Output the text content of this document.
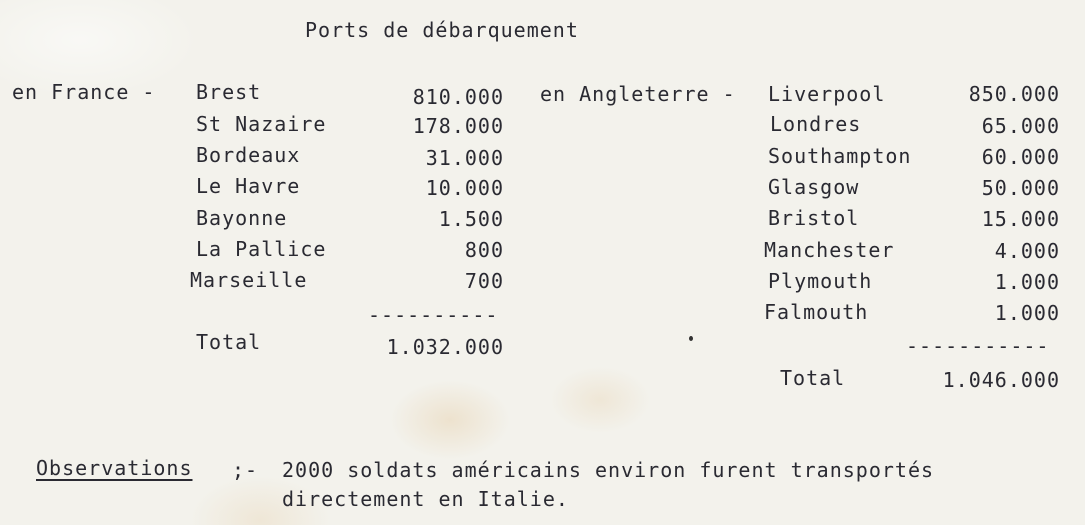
Ports de débarquement
en France - Brest	810.000
St Nazaire	178.000
Bordeaux	31.000
Le Havre	10.000
Bayonne	1.500
La Pallice	800
Marseille	700
----------
Total	1.032.000
en Angleterre - Liverpool	850.000
Londres	65.000
Southampton	60.000
Glasgow	50.000
Bristol	15.000
Manchester	4.000
Plymouth	1.000
Falmouth	1.000
-----------
Total	1.046.000
Observations ;- 2000 soldats américains environ furent transportés
directement en Italie.
